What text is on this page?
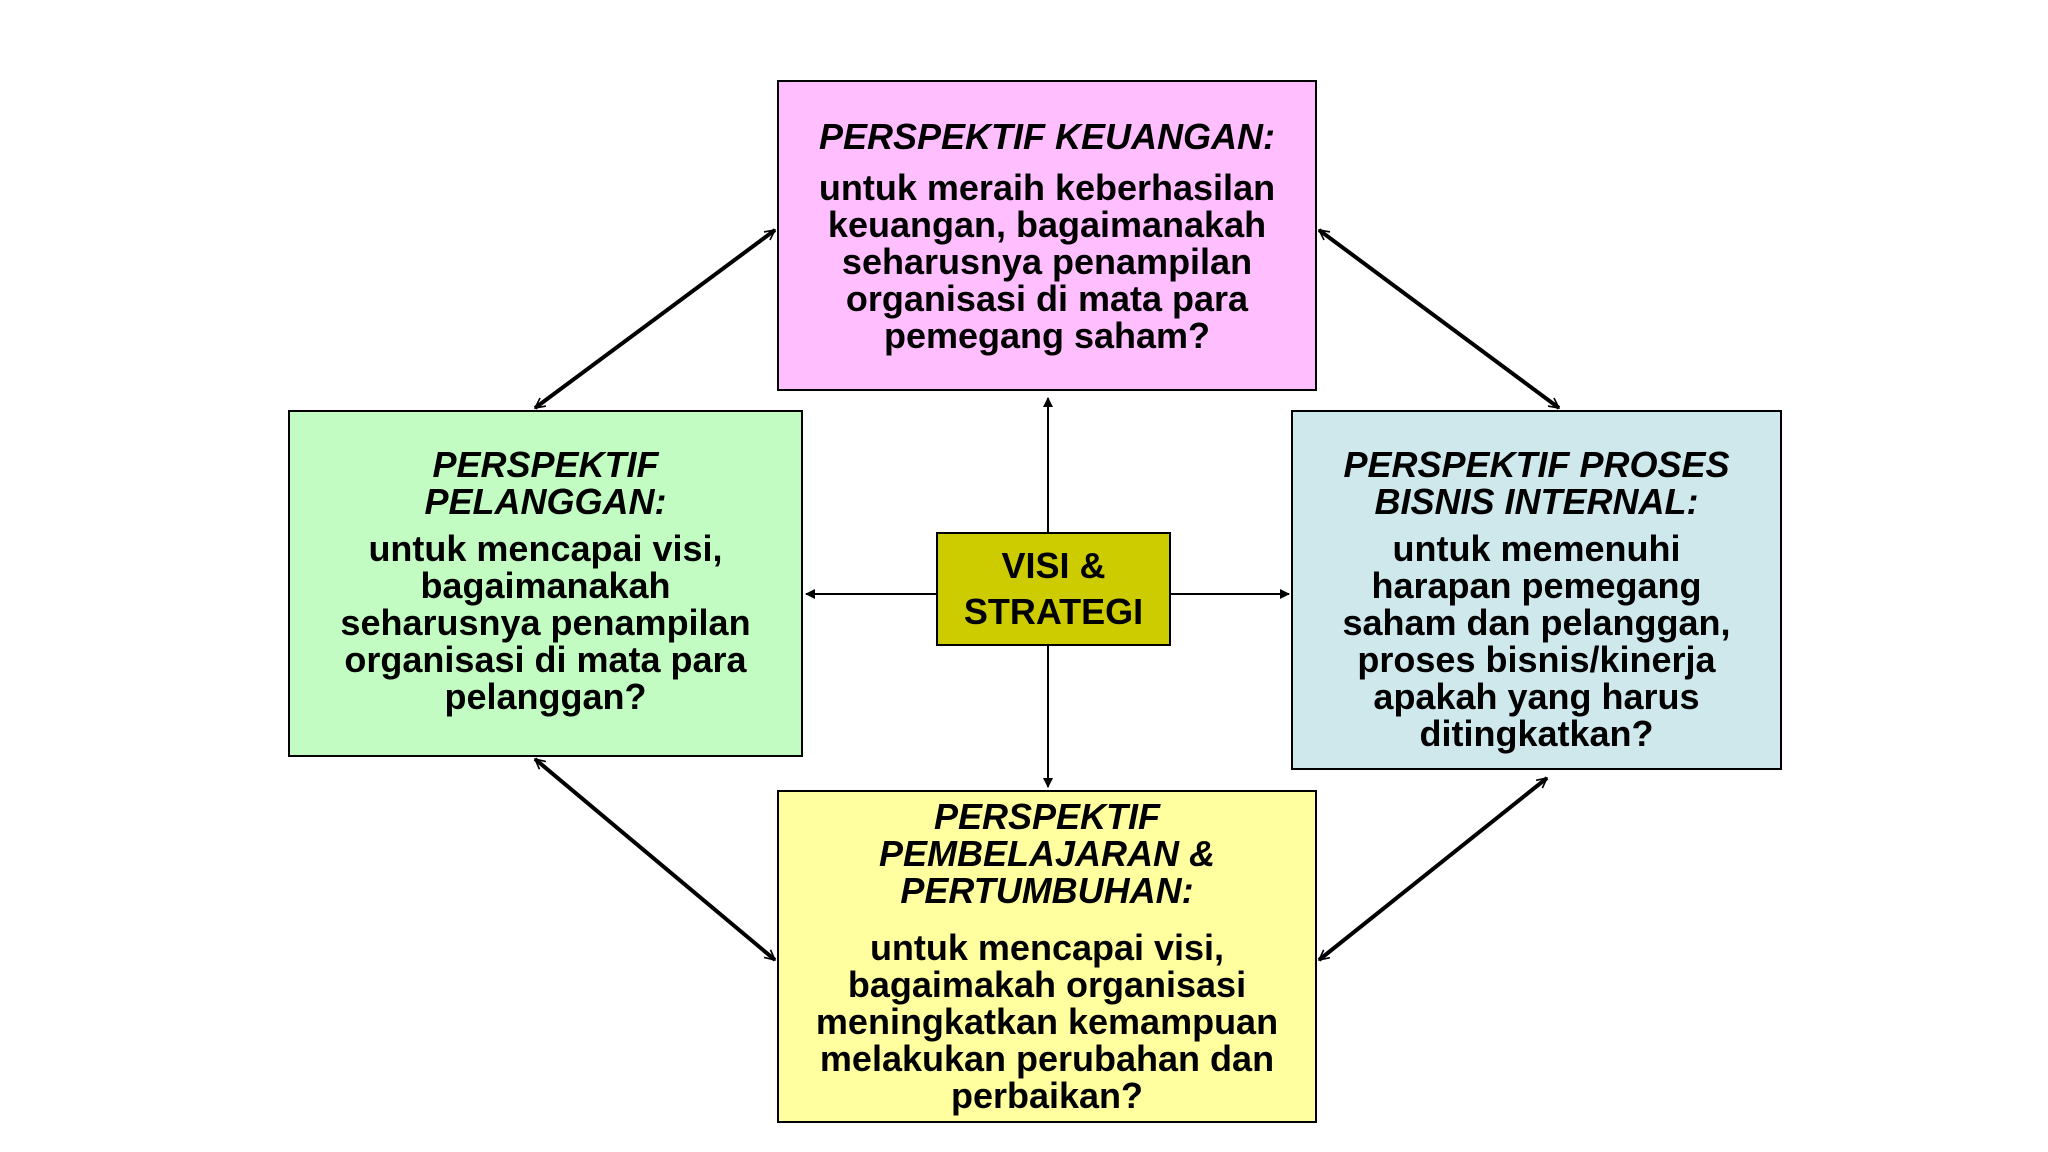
PERSPEKTIF KEUANGAN:
untuk meraih keberhasilan keuangan, bagaimanakah seharusnya penampilan organisasi di mata para pemegang saham?
PERSPEKTIF PELANGGAN:
untuk mencapai visi, bagaimanakah seharusnya penampilan organisasi di mata para pelanggan?
PERSPEKTIF PROSES BISNIS INTERNAL:
untuk memenuhi harapan pemegang saham dan pelanggan, proses bisnis/kinerja apakah yang harus ditingkatkan?
PERSPEKTIF PEMBELAJARAN & PERTUMBUHAN:
untuk mencapai visi, bagaimakah organisasi meningkatkan kemampuan melakukan perubahan dan perbaikan?
VISI &
STRATEGI
